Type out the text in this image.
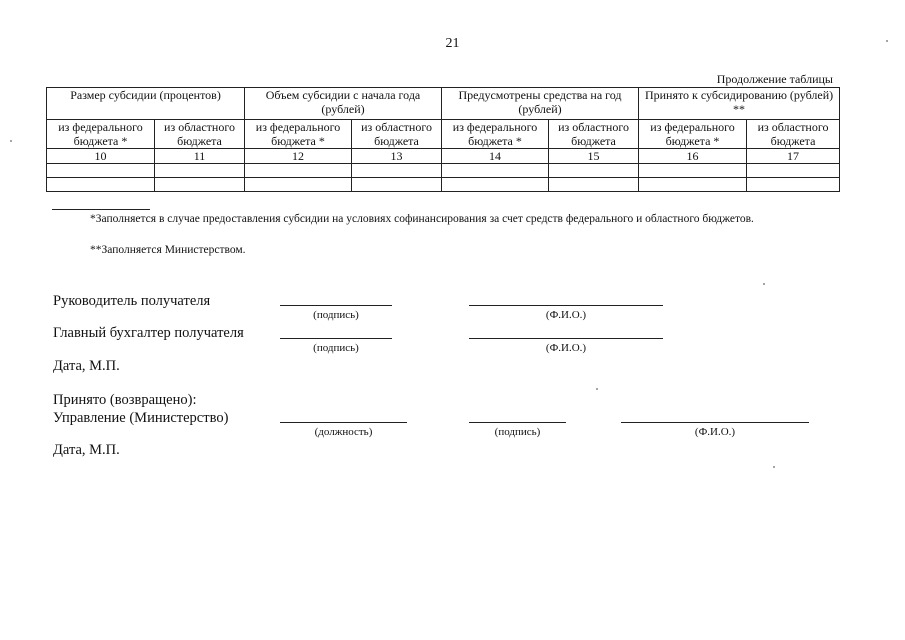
21
Продолжение таблицы
Размер субсидии (процентов)		Объем субсидии с начала года (рублей)		Предусмотрены средства на год (рублей)		Принято к субсидированию (рублей) **	
из федерального бюджета *	из областного бюджета	из федерального бюджета *	из областного бюджета	из федерального бюджета *	из областного бюджета	из федерального бюджета *	из областного бюджета
10	11	12	13	14	15	16	17

*Заполняется в случае предоставления субсидии на условиях софинансирования за счет средств федерального и областного бюджетов.
**Заполняется Министерством.
Руководитель получателя
(подпись)	(Ф.И.О.)
Главный бухгалтер получателя
(подпись)	(Ф.И.О.)
Дата, М.П.
Принято (возвращено):
Управление (Министерство)
(должность)	(подпись)	(Ф.И.О.)
Дата, М.П.
